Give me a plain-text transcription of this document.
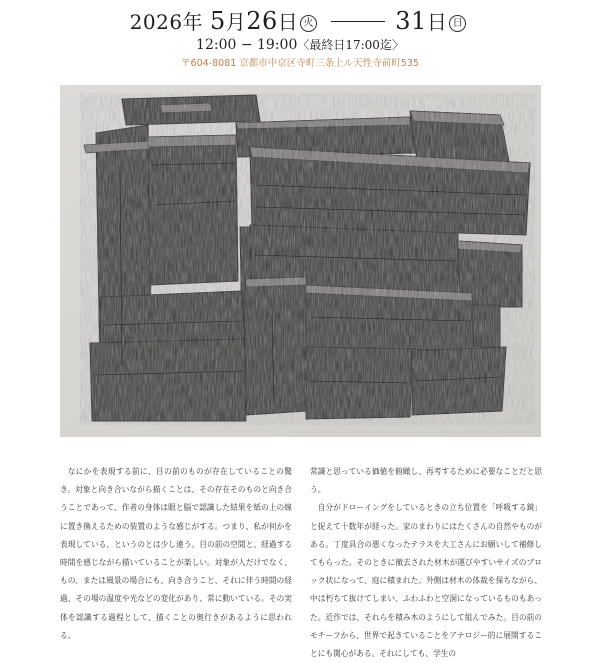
2026年 5月26日 火	31日 日
12:00 − 19:00〈最終日17:00迄〉
〒604-8081 京都市中京区寺町三条上ル天性寺前町535
なにかを表現する前に、目の前のものが存在していることの驚き。対象と向き合いながら描くことは、その存在そのものと向き合うことであって、作者の身体は眼と脳で認識した結果を紙の上の線に置き換えるための装置のような感じがする。つまり、私が何かを表現している、というのとは少し違う。目の前の空間と、経過する時間を感じながら描いていることが楽しい。対象が人だけでなく、もの、または風景の場合にも、向き合うこと、それに伴う時間の経過、その場の温度や光などの変化があり、常に動いている。その実体を認識する過程として、描くことの奥行きがあるように思われる。
常識と思っている価値を俯瞰し、再考するために必要なことだと思う。
自分がドローイングをしているときの立ち位置を「呼吸する鏡」と捉えて十数年が経った。家のまわりにはたくさんの自然やものがある。丁度具合の悪くなったテラスを大工さんにお願いして補修してもらった。そのときに撤去された材木が運びやすいサイズのブロック状になって、庭に積まれた。外側は材木の体裁を保ちながら、中は朽ちて抜けてしまい、ふわふわと空洞になっているものもあった。近作では、それらを積み木のようにして組んでみた。目の前のモチーフから、世界で起きていることをアナロジー的に展開することにも関心がある。それにしても、学生の
